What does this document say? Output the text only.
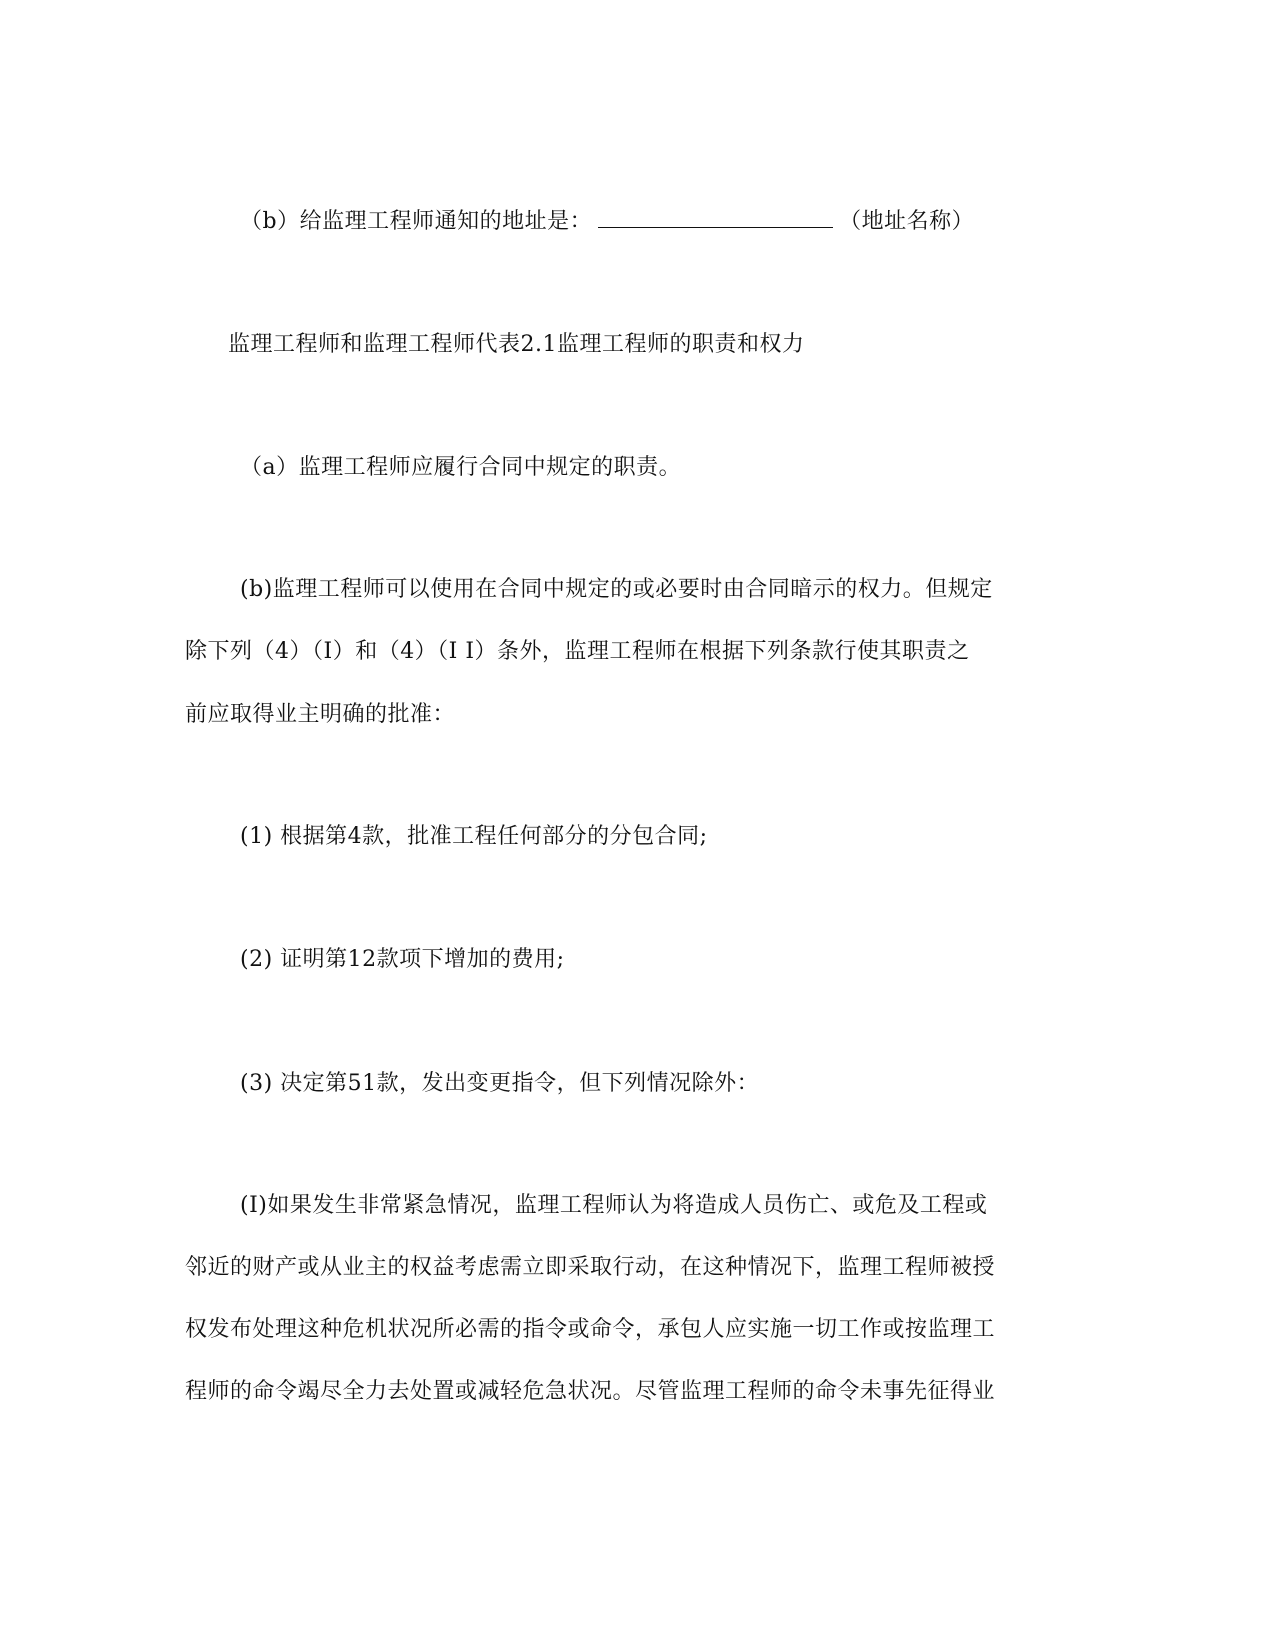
（b）给监理工程师通知的地址是：	（地址名称）
监理工程师和监理工程师代表2.1监理工程师的职责和权力
（a）监理工程师应履行合同中规定的职责。
(b)监理工程师可以使用在合同中规定的或必要时由合同暗示的权力。但规定
除下列（4）（I）和（4）（I I）条外，监理工程师在根据下列条款行使其职责之
前应取得业主明确的批准：
(1) 根据第4款，批准工程任何部分的分包合同;
(2) 证明第12款项下增加的费用;
(3) 决定第51款，发出变更指令，但下列情况除外：
(I)如果发生非常紧急情况，监理工程师认为将造成人员伤亡、或危及工程或
邻近的财产或从业主的权益考虑需立即采取行动，在这种情况下，监理工程师被授
权发布处理这种危机状况所必需的指令或命令，承包人应实施一切工作或按监理工
程师的命令竭尽全力去处置或减轻危急状况。尽管监理工程师的命令未事先征得业
